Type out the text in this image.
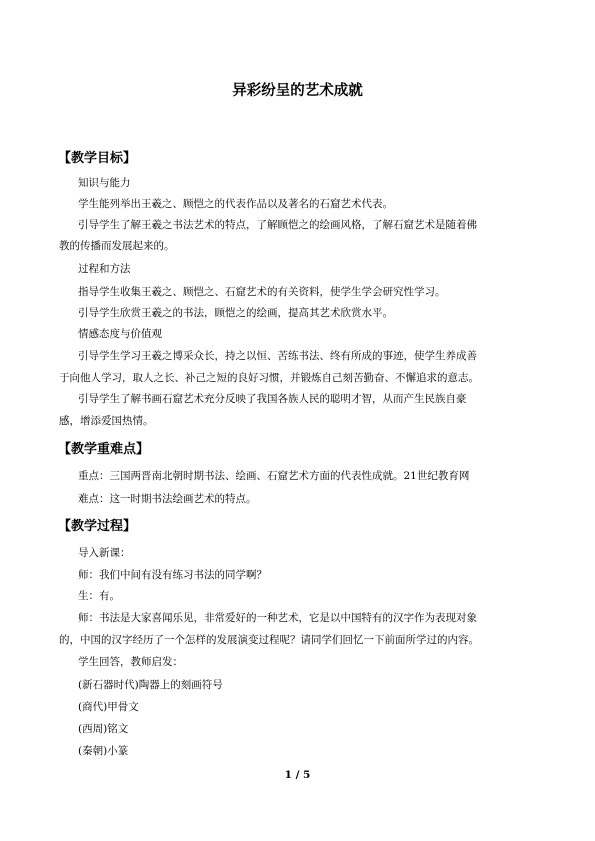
异彩纷呈的艺术成就
【教学目标】
知识与能力
学生能列举出王羲之、顾恺之的代表作品以及著名的石窟艺术代表。
引导学生了解王羲之书法艺术的特点，了解顾恺之的绘画风格，了解石窟艺术是随着佛
教的传播而发展起来的。
过程和方法
指导学生收集王羲之、顾恺之、石窟艺术的有关资料，使学生学会研究性学习。
引导学生欣赏王羲之的书法，顾恺之的绘画，提高其艺术欣赏水平。
情感态度与价值观
引导学生学习王羲之博采众长，持之以恒、苦练书法、终有所成的事迹，使学生养成善
于向他人学习，取人之长、补己之短的良好习惯，并锻炼自己刻苦勤奋、不懈追求的意志。
引导学生了解书画石窟艺术充分反映了我国各族人民的聪明才智，从而产生民族自豪
感，增添爱国热情。
【教学重难点】
重点：三国两晋南北朝时期书法、绘画、石窟艺术方面的代表性成就。21世纪教育网
难点：这一时期书法绘画艺术的特点。
【教学过程】
导入新课：
师：我们中间有没有练习书法的同学啊？
生：有。
师：书法是大家喜闻乐见，非常爱好的一种艺术，它是以中国特有的汉字作为表现对象
的，中国的汉字经历了一个怎样的发展演变过程呢？请同学们回忆一下前面所学过的内容。
学生回答，教师启发：
(新石器时代)陶器上的刻画符号
(商代)甲骨文
(西周)铭文
(秦朝)小篆
1 / 5
